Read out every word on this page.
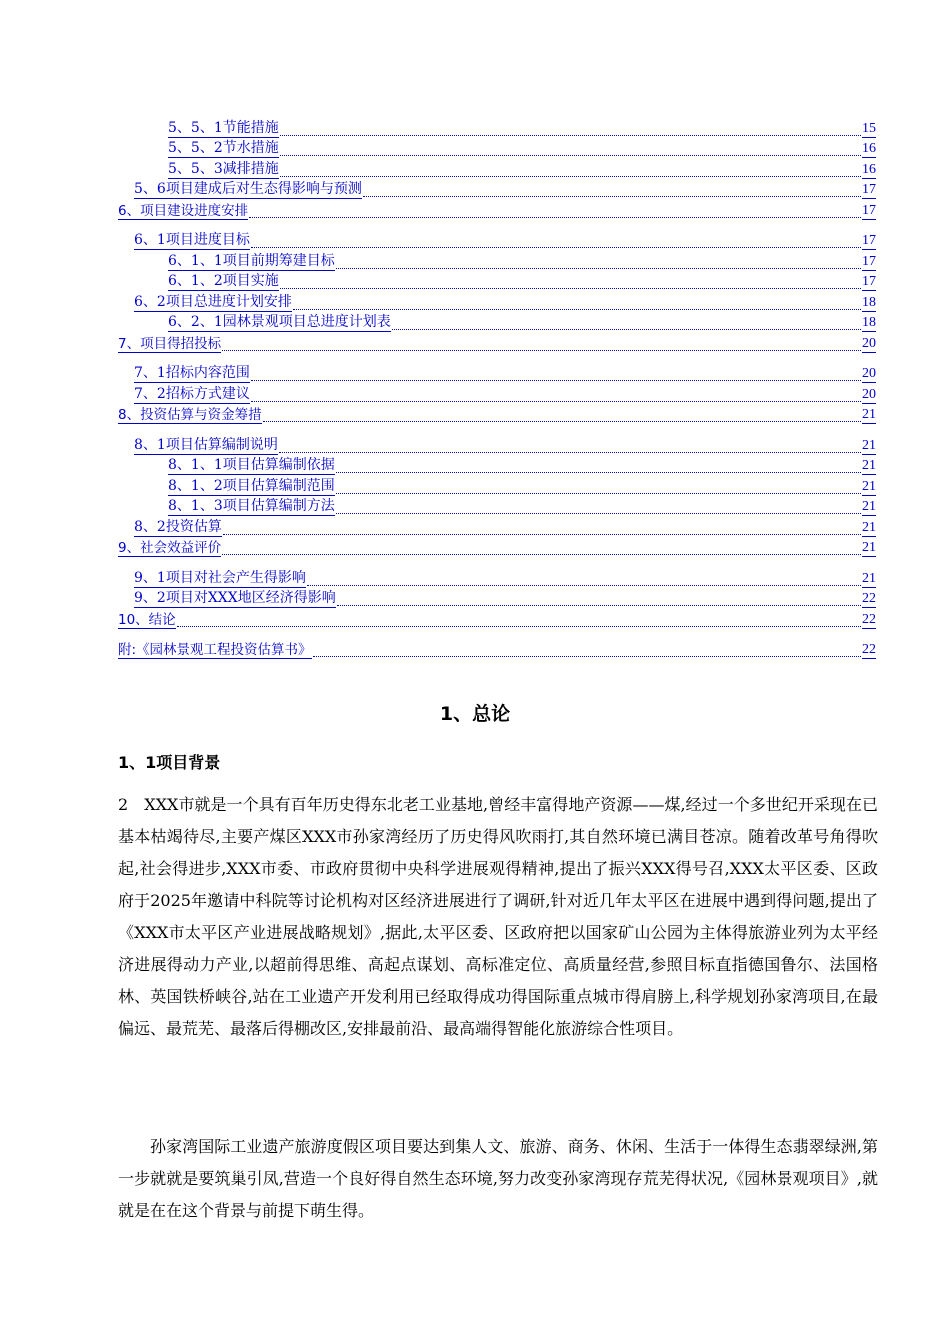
5、5、1节能措施	15
5、5、2节水措施	16
5、5、3减排措施	16
5、6项目建成后对生态得影响与预测	17
6、项目建设进度安排	17
6、1项目进度目标	17
6、1、1项目前期筹建目标	17
6、1、2项目实施	17
6、2项目总进度计划安排	18
6、2、1园林景观项目总进度计划表	18
7、项目得招投标	20
7、1招标内容范围	20
7、2招标方式建议	20
8、投资估算与资金筹措	21
8、1项目估算编制说明	21
8、1、1项目估算编制依据	21
8、1、2项目估算编制范围	21
8、1、3项目估算编制方法	21
8、2投资估算	21
9、社会效益评价	21
9、1项目对社会产生得影响	21
9、2项目对XXX地区经济得影响	22
10、结论	22
附:《园林景观工程投资估算书》	22
1、总论
1、1项目背景

2　XXX市就是一个具有百年历史得东北老工业基地,曾经丰富得地产资源——煤,经过一个多世纪开采现在已基本枯竭待尽,主要产煤区XXX市孙家湾经历了历史得风吹雨打,其自然环境已满目苍凉。随着改革号角得吹起,社会得进步,XXX市委、市政府贯彻中央科学进展观得精神,提出了振兴XXX得号召,XXX太平区委、区政府于2025年邀请中科院等讨论机构对区经济进展进行了调研,针对近几年太平区在进展中遇到得问题,提出了《XXX市太平区产业进展战略规划》,据此,太平区委、区政府把以国家矿山公园为主体得旅游业列为太平经济进展得动力产业,以超前得思维、高起点谋划、高标准定位、高质量经营,参照目标直指德国鲁尔、法国格林、英国铁桥峡谷,站在工业遗产开发利用已经取得成功得国际重点城市得肩膀上,科学规划孙家湾项目,在最偏远、最荒芜、最落后得棚改区,安排最前沿、最高端得智能化旅游综合性项目。

孙家湾国际工业遗产旅游度假区项目要达到集人文、旅游、商务、休闲、生活于一体得生态翡翠绿洲,第一步就就是要筑巢引凤,营造一个良好得自然生态环境,努力改变孙家湾现存荒芜得状况,《园林景观项目》,就就是在在这个背景与前提下萌生得。
